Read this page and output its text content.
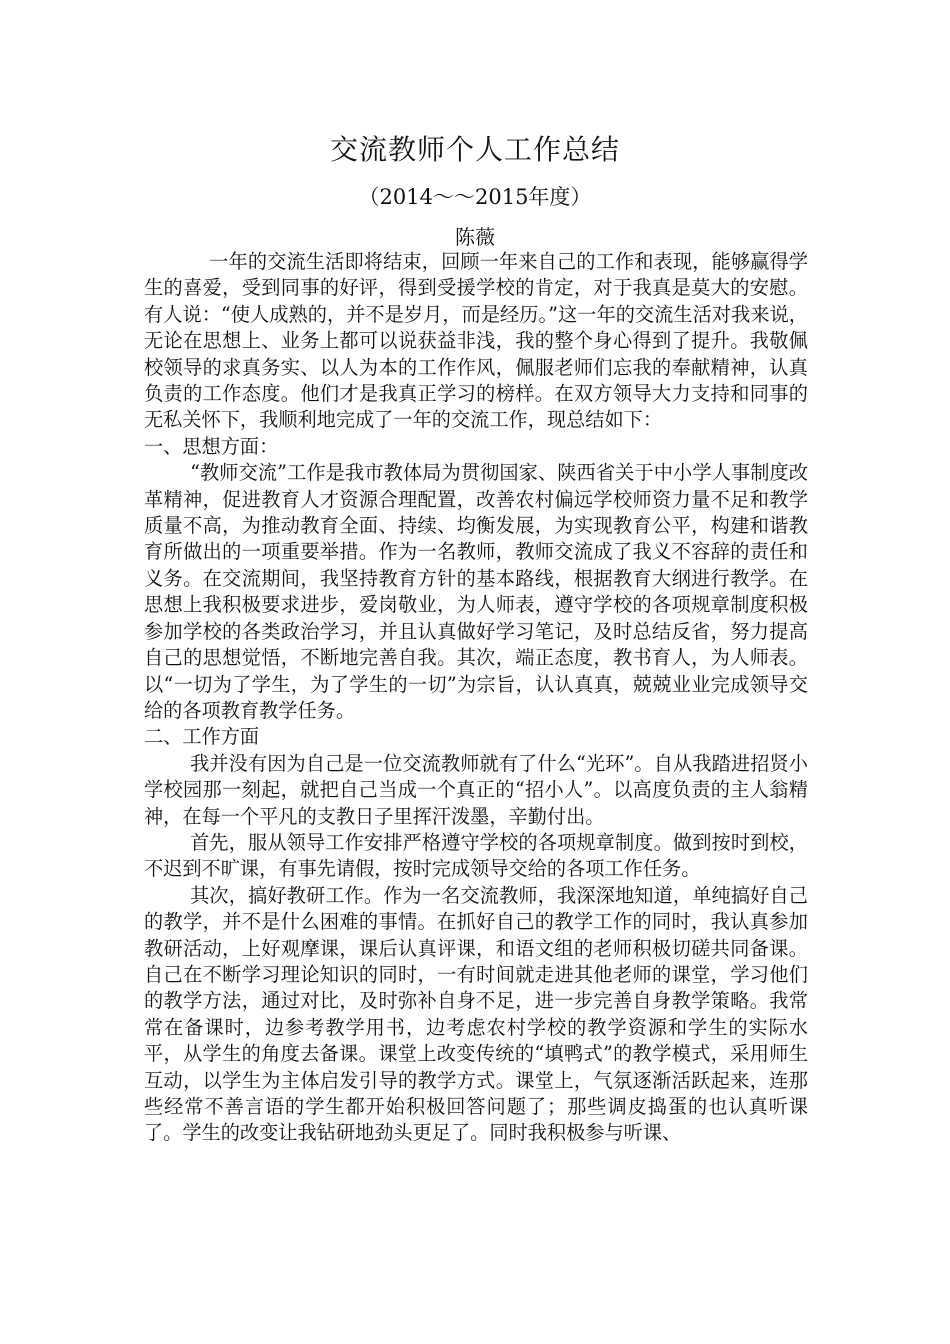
交流教师个人工作总结
（2014～～2015年度）
陈薇

一年的交流生活即将结束，回顾一年来自己的工作和表现，能够赢得学生的喜爱，受到同事的好评，得到受援学校的肯定，对于我真是莫大的安慰。有人说：“使人成熟的，并不是岁月，而是经历。”这一年的交流生活对我来说，无论在思想上、业务上都可以说获益非浅，我的整个身心得到了提升。我敬佩校领导的求真务实、以人为本的工作作风，佩服老师们忘我的奉献精神，认真负责的工作态度。他们才是我真正学习的榜样。在双方领导大力支持和同事的无私关怀下，我顺利地完成了一年的交流工作，现总结如下：

一、思想方面：

“教师交流”工作是我市教体局为贯彻国家、陕西省关于中小学人事制度改革精神，促进教育人才资源合理配置，改善农村偏远学校师资力量不足和教学质量不高，为推动教育全面、持续、均衡发展，为实现教育公平，构建和谐教育所做出的一项重要举措。作为一名教师，教师交流成了我义不容辞的责任和义务。在交流期间，我坚持教育方针的基本路线，根据教育大纲进行教学。在思想上我积极要求进步，爱岗敬业，为人师表，遵守学校的各项规章制度积极参加学校的各类政治学习，并且认真做好学习笔记，及时总结反省，努力提高自己的思想觉悟，不断地完善自我。其次，端正态度，教书育人，为人师表。以“一切为了学生，为了学生的一切”为宗旨，认认真真，兢兢业业完成领导交给的各项教育教学任务。

二、工作方面

我并没有因为自己是一位交流教师就有了什么“光环”。自从我踏进招贤小学校园那一刻起，就把自己当成一个真正的“招小人”。以高度负责的主人翁精神，在每一个平凡的支教日子里挥汗泼墨，辛勤付出。

首先，服从领导工作安排严格遵守学校的各项规章制度。做到按时到校，不迟到不旷课，有事先请假，按时完成领导交给的各项工作任务。

其次，搞好教研工作。作为一名交流教师，我深深地知道，单纯搞好自己的教学，并不是什么困难的事情。在抓好自己的教学工作的同时，我认真参加教研活动，上好观摩课，课后认真评课，和语文组的老师积极切磋共同备课。自己在不断学习理论知识的同时，一有时间就走进其他老师的课堂，学习他们的教学方法，通过对比，及时弥补自身不足，进一步完善自身教学策略。我常常在备课时，边参考教学用书，边考虑农村学校的教学资源和学生的实际水平，从学生的角度去备课。课堂上改变传统的“填鸭式”的教学模式，采用师生互动，以学生为主体启发引导的教学方式。课堂上，气氛逐渐活跃起来，连那些经常不善言语的学生都开始积极回答问题了；那些调皮捣蛋的也认真听课了。学生的改变让我钻研地劲头更足了。同时我积极参与听课、
